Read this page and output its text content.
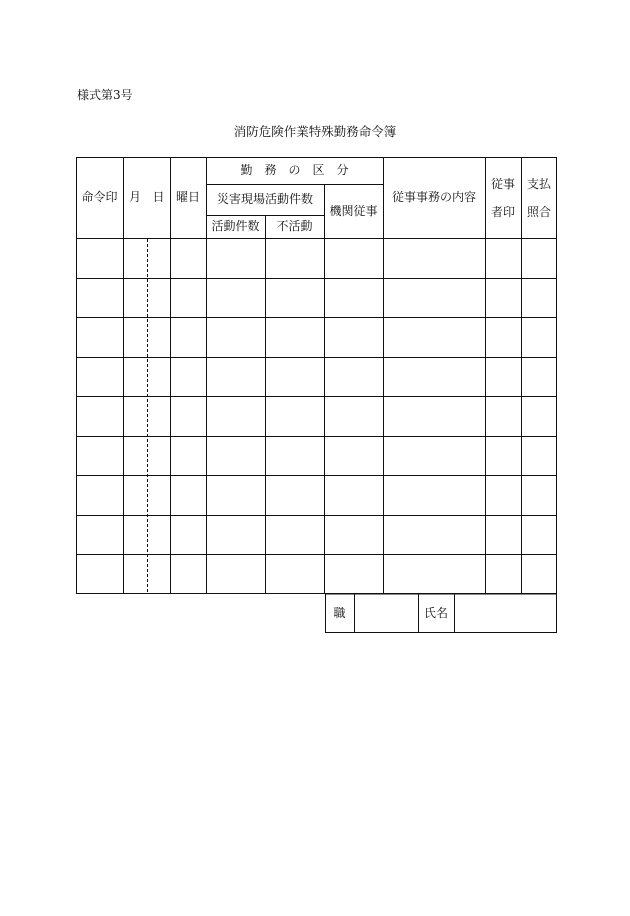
様式第3号
消防危険作業特殊勤務命令簿
命令印 月 日 曜日
勤　務　の　区　分
災害現場活動件数
活動件数	不活動
機関従事
従事事務の内容
従事
者印
支払
照合
職	氏名
